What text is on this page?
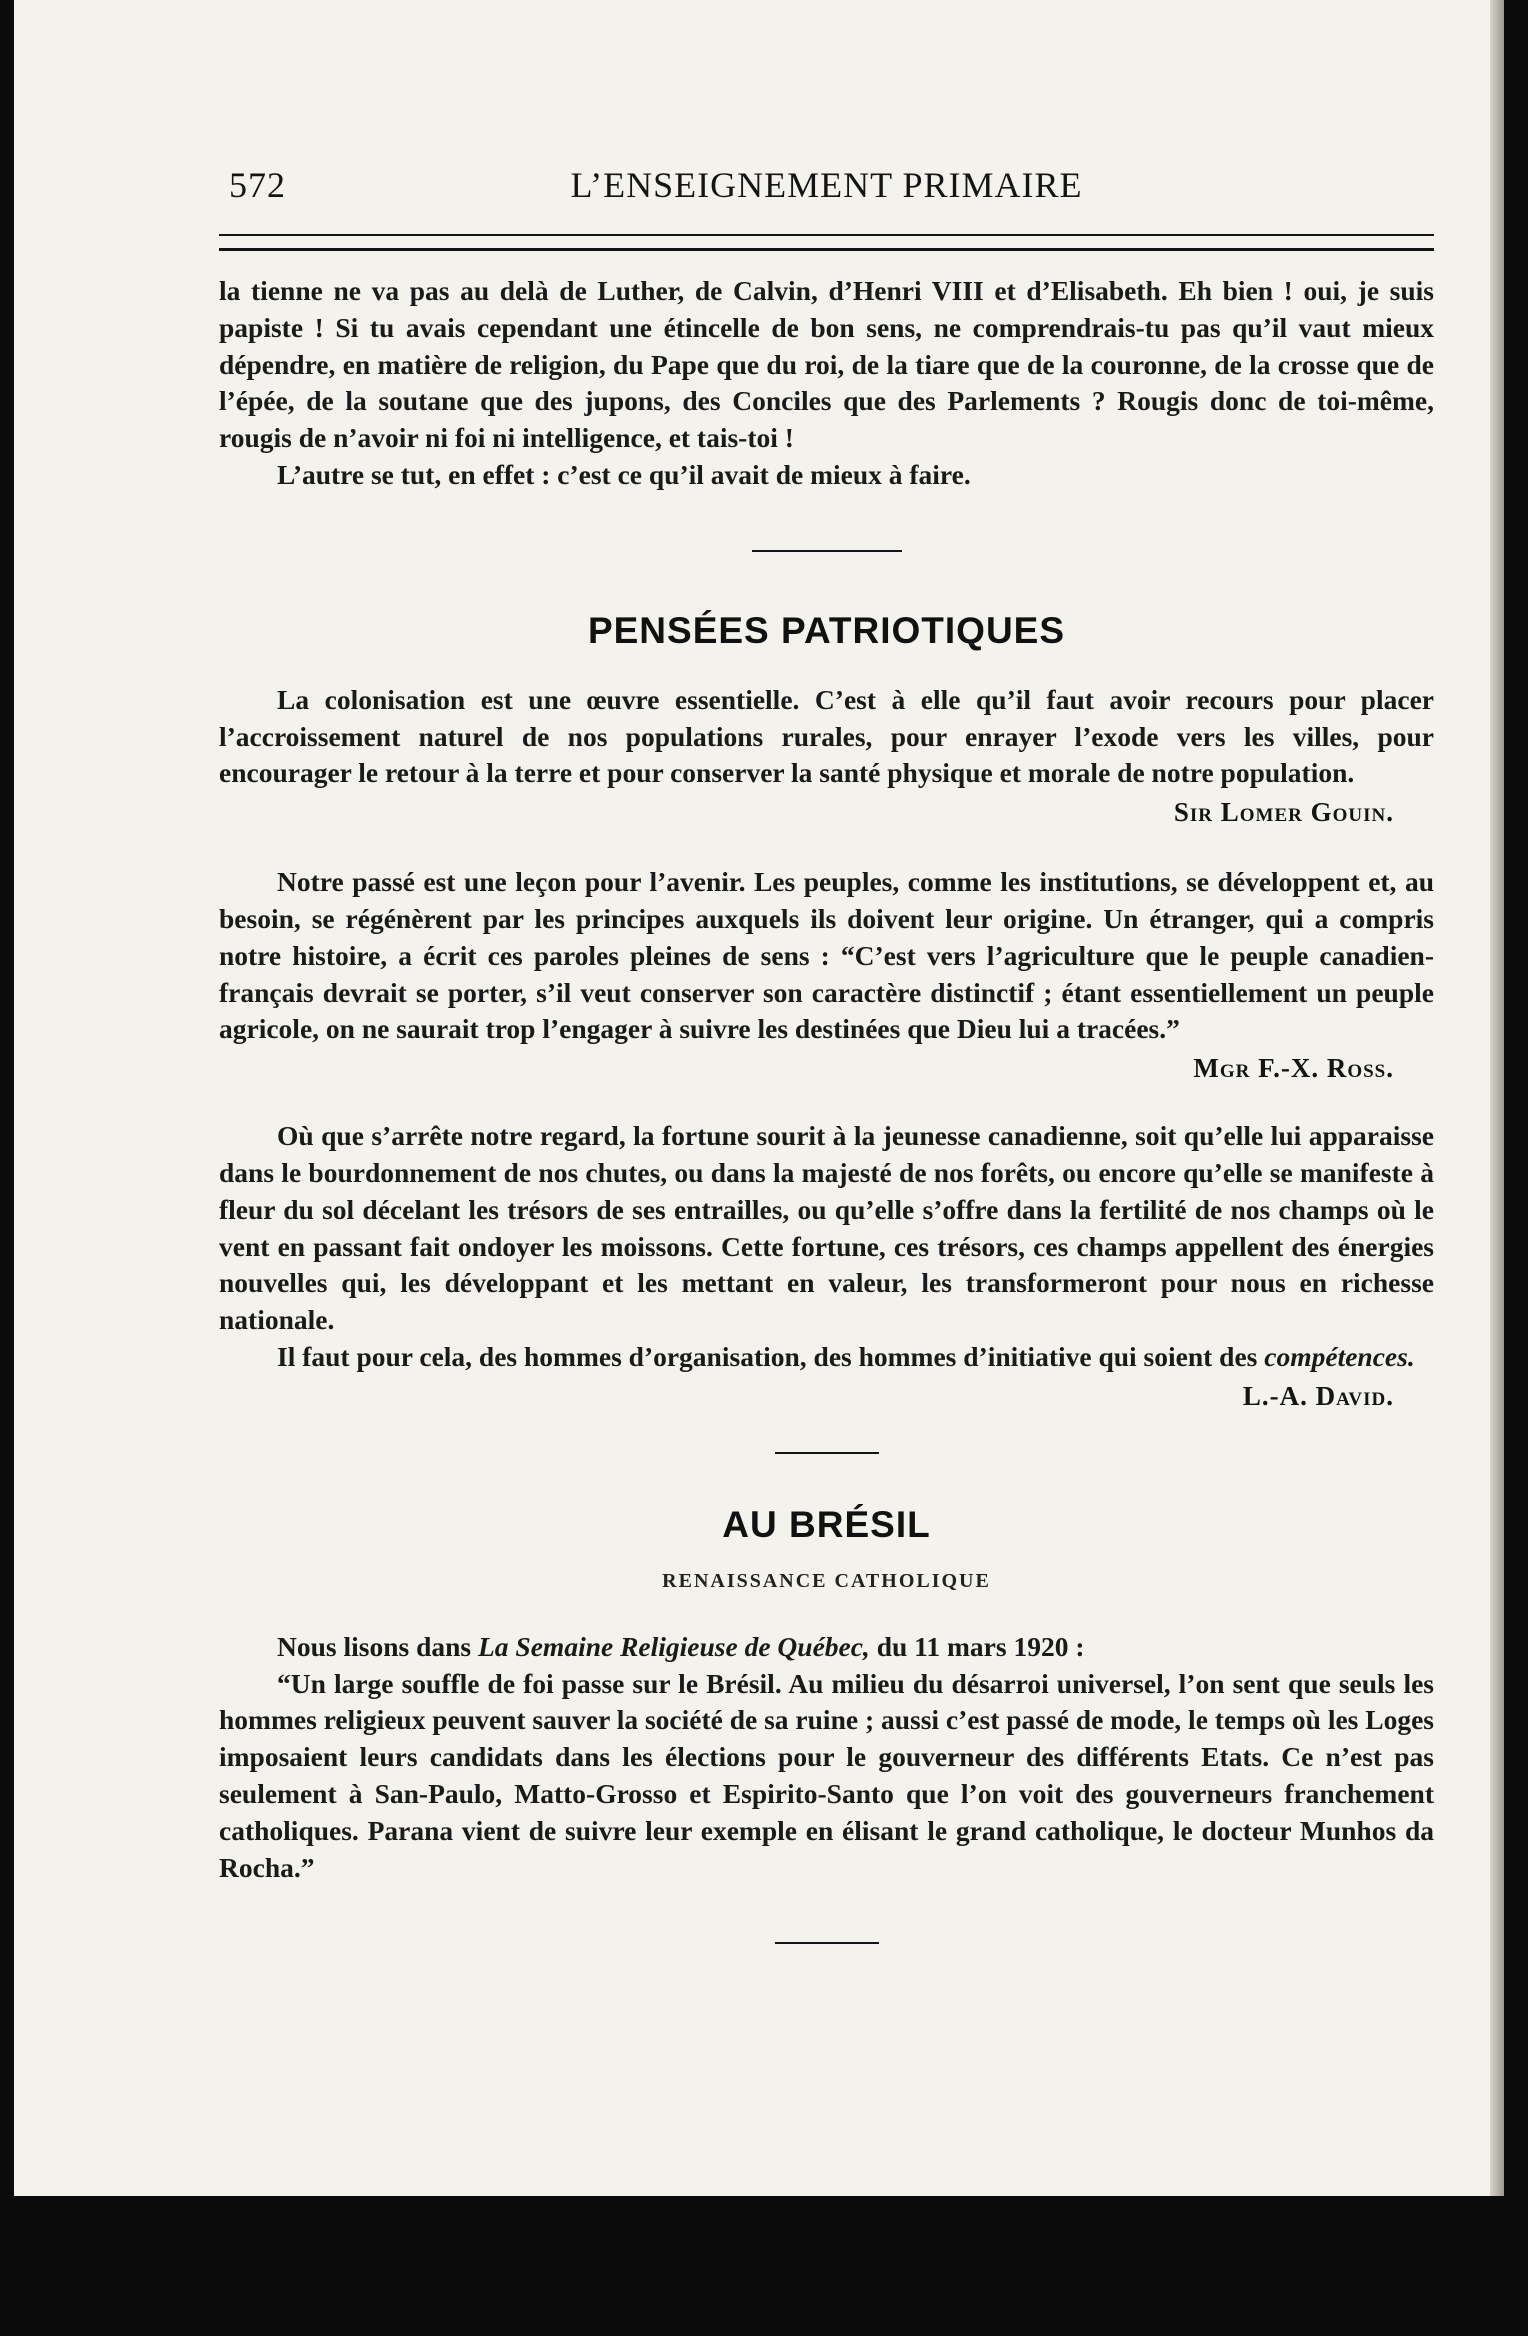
572	L’ENSEIGNEMENT PRIMAIRE

la tienne ne va pas au delà de Luther, de Calvin, d’Henri VIII et d’Elisabeth. Eh bien ! oui, je suis papiste ! Si tu avais cependant une étincelle de bon sens, ne comprendrais-tu pas qu’il vaut mieux dépendre, en matière de religion, du Pape que du roi, de la tiare que de la couronne, de la crosse que de l’épée, de la soutane que des jupons, des Conciles que des Parlements ? Rougis donc de toi-même, rougis de n’avoir ni foi ni intelligence, et tais-toi !

L’autre se tut, en effet : c’est ce qu’il avait de mieux à faire.

PENSÉES PATRIOTIQUES

La colonisation est une œuvre essentielle. C’est à elle qu’il faut avoir recours pour placer l’accroissement naturel de nos populations rurales, pour enrayer l’exode vers les villes, pour encourager le retour à la terre et pour conserver la santé physique et morale de notre population.

Sir Lomer Gouin.

Notre passé est une leçon pour l’avenir. Les peuples, comme les institutions, se développent et, au besoin, se régénèrent par les principes auxquels ils doivent leur origine. Un étranger, qui a compris notre histoire, a écrit ces paroles pleines de sens : “C’est vers l’agriculture que le peuple canadien-français devrait se porter, s’il veut conserver son caractère distinctif ; étant essentiellement un peuple agricole, on ne saurait trop l’engager à suivre les destinées que Dieu lui a tracées.”

Mgr F.-X. Ross.

Où que s’arrête notre regard, la fortune sourit à la jeunesse canadienne, soit qu’elle lui apparaisse dans le bourdonnement de nos chutes, ou dans la majesté de nos forêts, ou encore qu’elle se manifeste à fleur du sol décelant les trésors de ses entrailles, ou qu’elle s’offre dans la fertilité de nos champs où le vent en passant fait ondoyer les moissons. Cette fortune, ces trésors, ces champs appellent des énergies nouvelles qui, les développant et les mettant en valeur, les transformeront pour nous en richesse nationale.

Il faut pour cela, des hommes d’organisation, des hommes d’initiative qui soient des compétences.

L.-A. David.
AU BRÉSIL
RENAISSANCE CATHOLIQUE

Nous lisons dans La Semaine Religieuse de Québec, du 11 mars 1920 :

“Un large souffle de foi passe sur le Brésil. Au milieu du désarroi universel, l’on sent que seuls les hommes religieux peuvent sauver la société de sa ruine ; aussi c’est passé de mode, le temps où les Loges imposaient leurs candidats dans les élections pour le gouverneur des différents Etats. Ce n’est pas seulement à San-Paulo, Matto-Grosso et Espirito-Santo que l’on voit des gouverneurs franchement catholiques. Parana vient de suivre leur exemple en élisant le grand catholique, le docteur Munhos da Rocha.”
